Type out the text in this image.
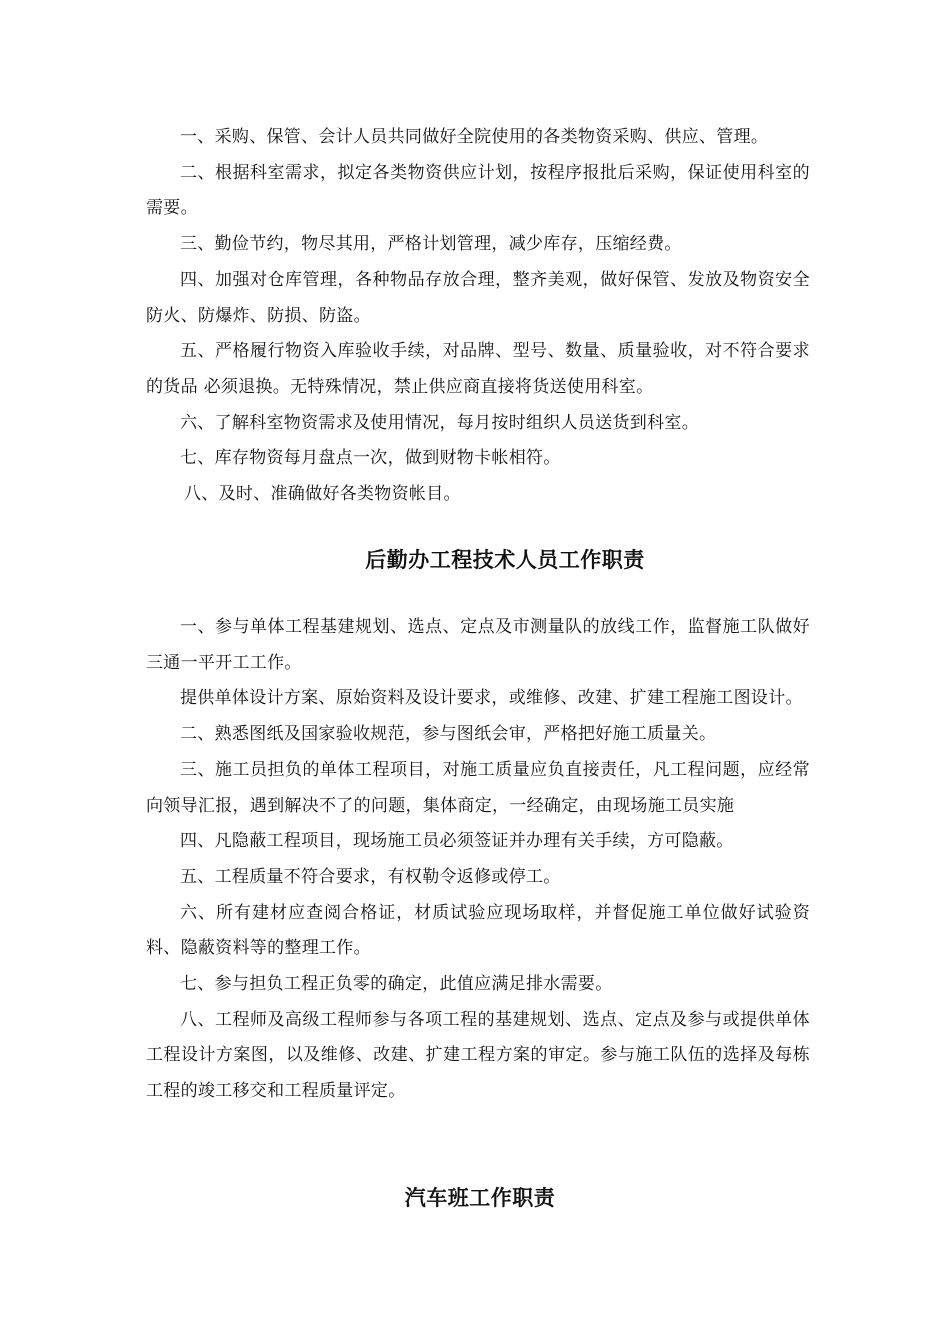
一、采购、保管、会计人员共同做好全院使用的各类物资采购、供应、管理。

二、根据科室需求，拟定各类物资供应计划，按程序报批后采购，保证使用科室的需要。

三、勤俭节约，物尽其用，严格计划管理，减少库存，压缩经费。

四、加强对仓库管理，各种物品存放合理，整齐美观，做好保管、发放及物资安全防火、防爆炸、防损、防盗。

五、严格履行物资入库验收手续，对品牌、型号、数量、质量验收，对不符合要求的货品 必须退换。无特殊情况，禁止供应商直接将货送使用科室。

六、了解科室物资需求及使用情况，每月按时组织人员送货到科室。

七、库存物资每月盘点一次，做到财物卡帐相符。

八、及时、准确做好各类物资帐目。

后勤办工程技术人员工作职责

一、参与单体工程基建规划、选点、定点及市测量队的放线工作，监督施工队做好三通一平开工工作。

提供单体设计方案、原始资料及设计要求，或维修、改建、扩建工程施工图设计。

二、熟悉图纸及国家验收规范，参与图纸会审，严格把好施工质量关。

三、施工员担负的单体工程项目，对施工质量应负直接责任，凡工程问题，应经常向领导汇报，遇到解决不了的问题，集体商定，一经确定，由现场施工员实施

四、凡隐蔽工程项目，现场施工员必须签证并办理有关手续，方可隐蔽。

五、工程质量不符合要求，有权勒令返修或停工。

六、所有建材应查阅合格证，材质试验应现场取样，并督促施工单位做好试验资料、隐蔽资料等的整理工作。

七、参与担负工程正负零的确定，此值应满足排水需要。

八、工程师及高级工程师参与各项工程的基建规划、选点、定点及参与或提供单体工程设计方案图，以及维修、改建、扩建工程方案的审定。参与施工队伍的选择及每栋工程的竣工移交和工程质量评定。

汽车班工作职责
